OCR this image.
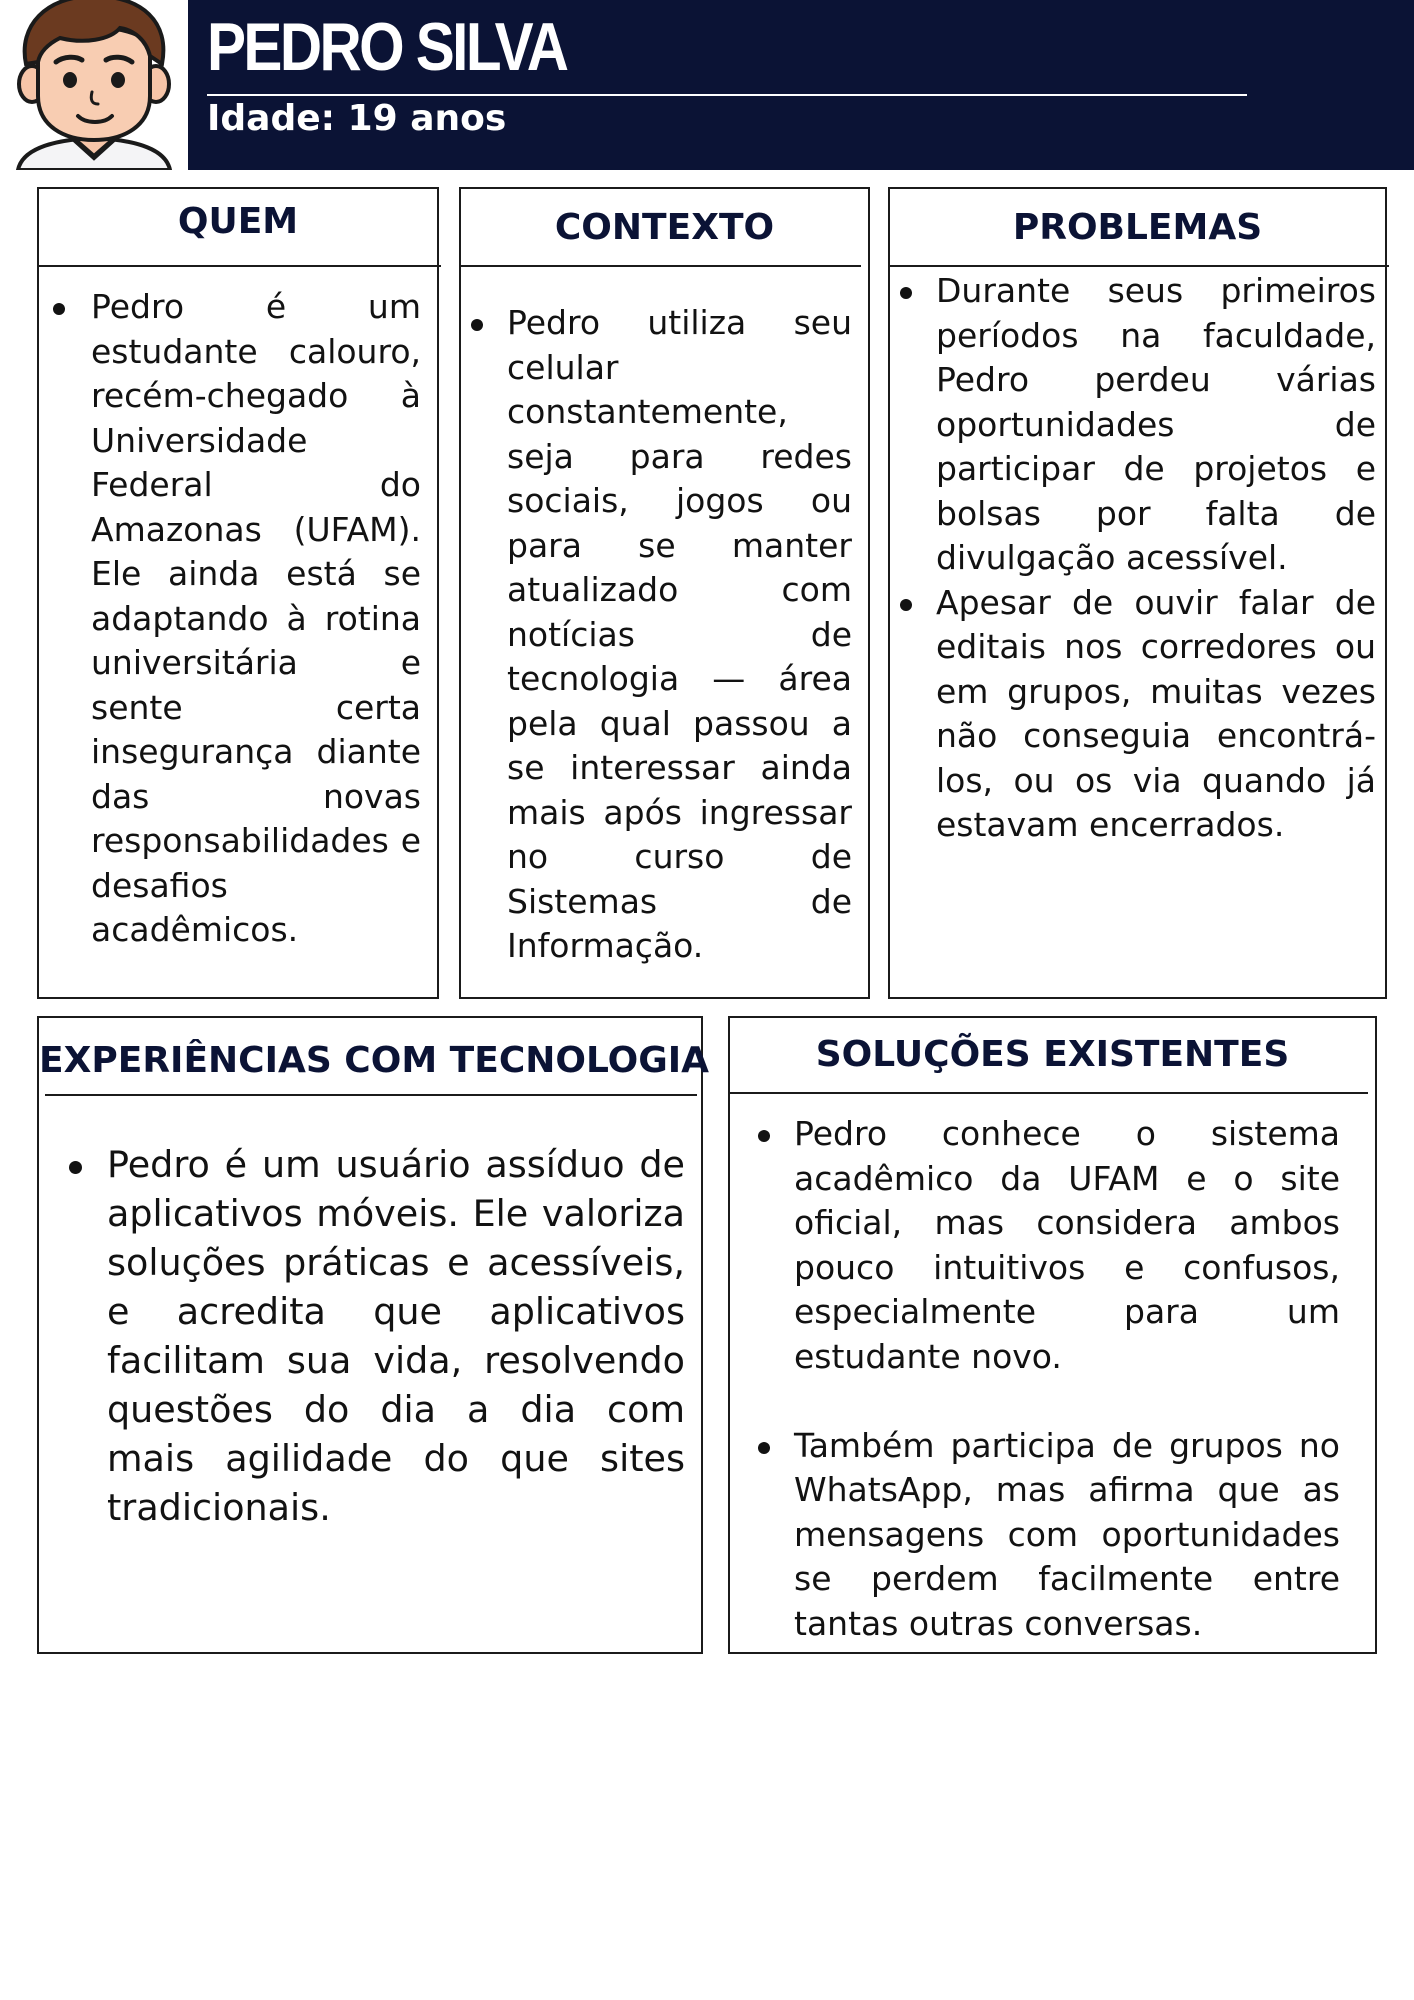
PEDRO SILVA
Idade: 19 anos
QUEM
Pedro é um estudante calouro, recém-chegado à Universidade Federal do Amazonas (UFAM). Ele ainda está se adaptando à rotina universitária e sente certa insegurança diante das novas responsabilidades e desafios acadêmicos.
CONTEXTO
Pedro utiliza seu celular constantemente, seja para redes sociais, jogos ou para se manter atualizado com notícias de tecnologia — área pela qual passou a se interessar ainda mais após ingressar no curso de Sistemas de Informação.
PROBLEMAS
Durante seus primeiros períodos na faculdade, Pedro perdeu várias oportunidades de participar de projetos e bolsas por falta de divulgação acessível.
Apesar de ouvir falar de editais nos corredores ou em grupos, muitas vezes não conseguia encontrá-los, ou os via quando já estavam encerrados.
EXPERIÊNCIAS COM TECNOLOGIA
Pedro é um usuário assíduo de aplicativos móveis. Ele valoriza soluções práticas e acessíveis, e acredita que aplicativos facilitam sua vida, resolvendo questões do dia a dia com mais agilidade do que sites tradicionais.
SOLUÇÕES EXISTENTES
Pedro conhece o sistema acadêmico da UFAM e o site oficial, mas considera ambos pouco intuitivos e confusos, especialmente para um estudante novo.
Também participa de grupos no WhatsApp, mas afirma que as mensagens com oportunidades se perdem facilmente entre tantas outras conversas.
